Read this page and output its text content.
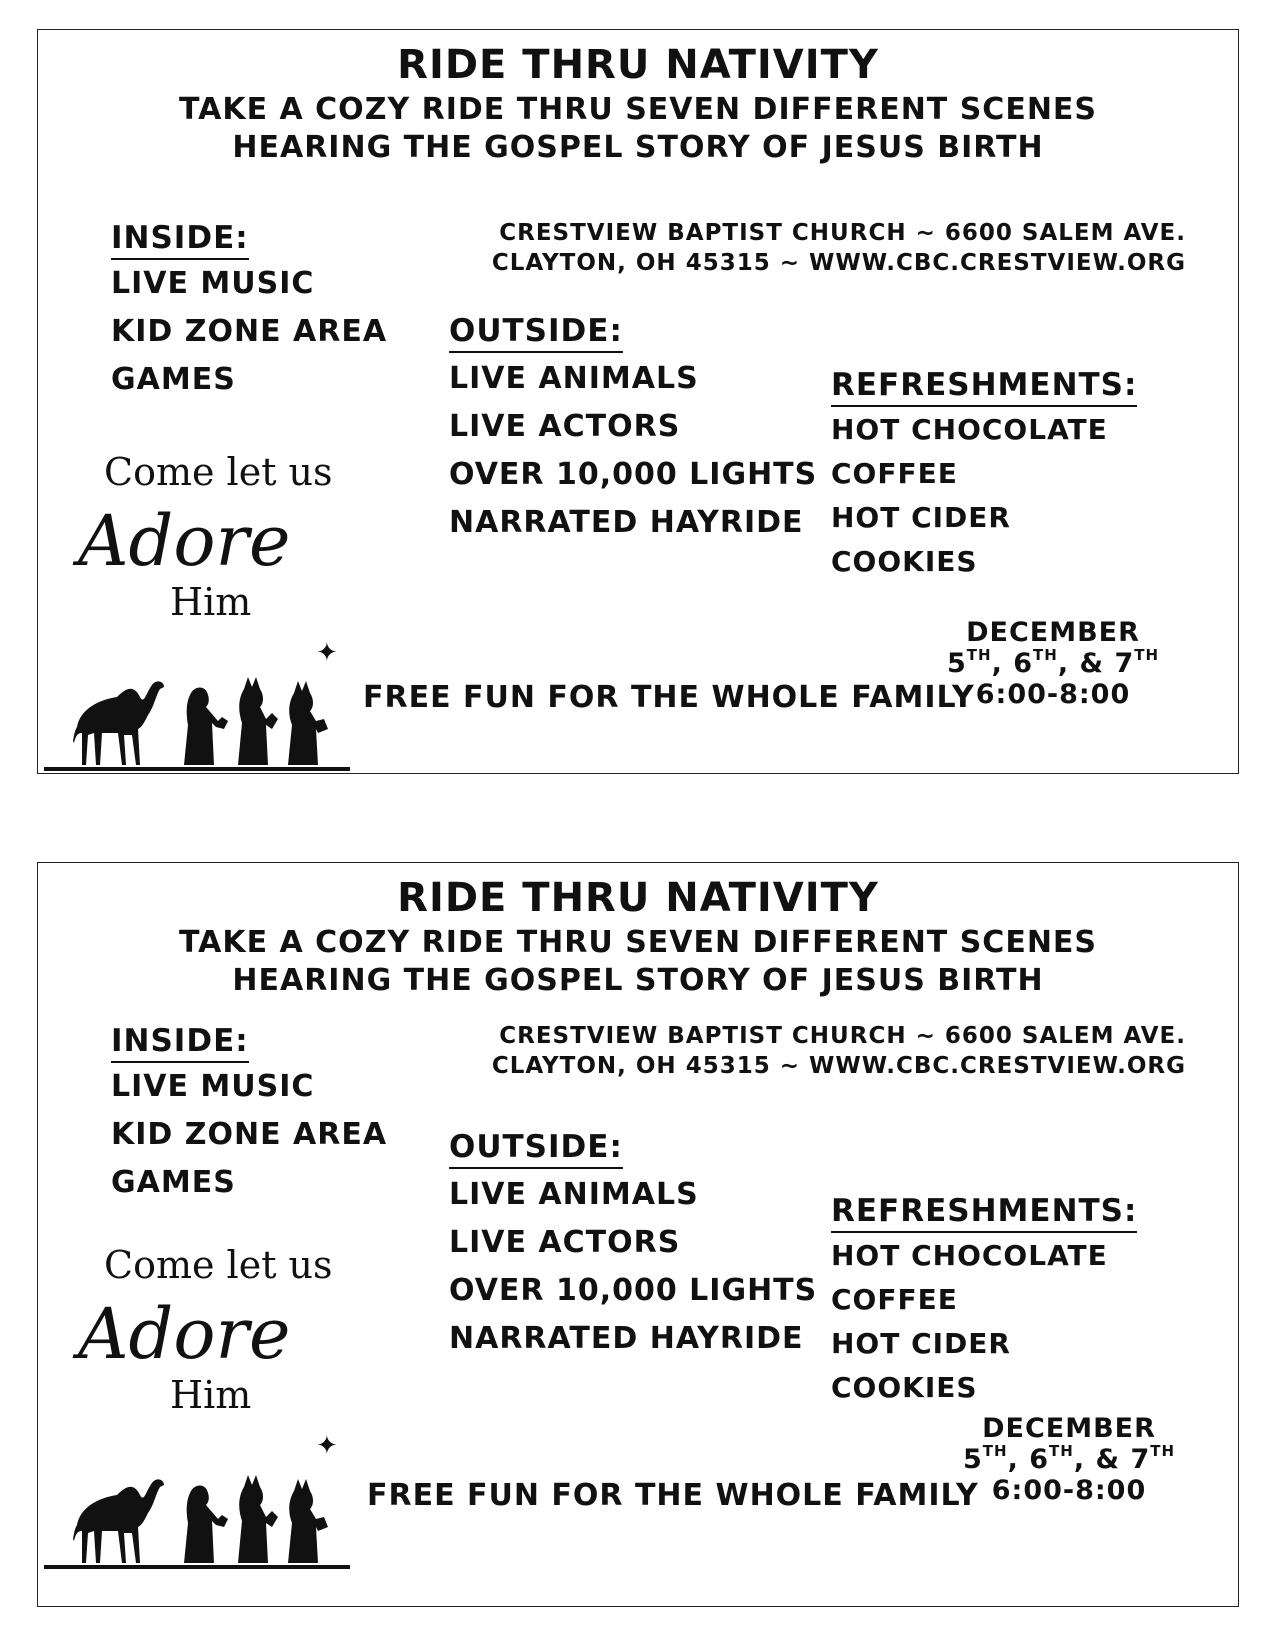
RIDE THRU NATIVITY
TAKE A COZY RIDE THRU SEVEN DIFFERENT SCENES
HEARING THE GOSPEL STORY OF JESUS BIRTH
CRESTVIEW BAPTIST CHURCH ~ 6600 SALEM AVE.
CLAYTON, OH 45315 ~ WWW.CBC.CRESTVIEW.ORG
INSIDE:
LIVE MUSIC
KID ZONE AREA
GAMES
OUTSIDE:
LIVE ANIMALS
LIVE ACTORS
OVER 10,000 LIGHTS
NARRATED HAYRIDE
REFRESHMENTS:
HOT CHOCOLATE
COFFEE
HOT CIDER
COOKIES
Come let us
Adore
Him
✦
FREE FUN FOR THE WHOLE FAMILY
DECEMBER
5TH, 6TH, & 7TH
6:00-8:00
RIDE THRU NATIVITY
TAKE A COZY RIDE THRU SEVEN DIFFERENT SCENES
HEARING THE GOSPEL STORY OF JESUS BIRTH
CRESTVIEW BAPTIST CHURCH ~ 6600 SALEM AVE.
CLAYTON, OH 45315 ~ WWW.CBC.CRESTVIEW.ORG
INSIDE:
LIVE MUSIC
KID ZONE AREA
GAMES
OUTSIDE:
LIVE ANIMALS
LIVE ACTORS
OVER 10,000 LIGHTS
NARRATED HAYRIDE
REFRESHMENTS:
HOT CHOCOLATE
COFFEE
HOT CIDER
COOKIES
Come let us
Adore
Him
✦
FREE FUN FOR THE WHOLE FAMILY
DECEMBER
5TH, 6TH, & 7TH
6:00-8:00
